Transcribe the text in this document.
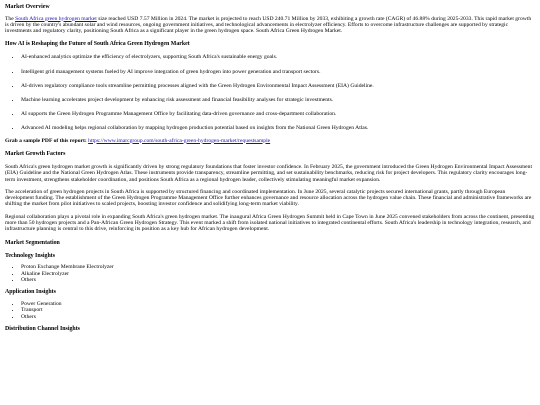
Market Overview

The South Africa green hydrogen market size reached USD 7.57 Million in 2024. The market is projected to reach USD 240.71 Million by 2033, exhibiting a growth rate (CAGR) of 46.88% during 2025-2033. This rapid market growth is driven by the country's abundant solar and wind resources, ongoing government initiatives, and technological advancements in electrolyzer efficiency. Efforts to overcome infrastructure challenges are supported by strategic investments and regulatory clarity, positioning South Africa as a significant player in the green hydrogen space. South Africa Green Hydrogen Market.

How AI is Reshaping the Future of South Africa Green Hydrogen Market
• AI-enhanced analytics optimize the efficiency of electrolyzers, supporting South Africa's sustainable energy goals.
• Intelligent grid management systems fueled by AI improve integration of green hydrogen into power generation and transport sectors.
• AI-driven regulatory compliance tools streamline permitting processes aligned with the Green Hydrogen Environmental Impact Assessment (EIA) Guideline.
• Machine learning accelerates project development by enhancing risk assessment and financial feasibility analyses for strategic investments.
• AI supports the Green Hydrogen Programme Management Office by facilitating data-driven governance and cross-department collaboration.
• Advanced AI modeling helps regional collaboration by mapping hydrogen production potential based on insights from the National Green Hydrogen Atlas.

Grab a sample PDF of this report: https://www.imarcgroup.com/south-africa-green-hydrogen-market/requestsample

Market Growth Factors

South Africa's green hydrogen market growth is significantly driven by strong regulatory foundations that foster investor confidence. In February 2025, the government introduced the Green Hydrogen Environmental Impact Assessment (EIA) Guideline and the National Green Hydrogen Atlas. These instruments provide transparency, streamline permitting, and set sustainability benchmarks, reducing risk for project developers. This regulatory clarity encourages long-term investment, strengthens stakeholder coordination, and positions South Africa as a regional hydrogen leader, collectively stimulating meaningful market expansion.

The acceleration of green hydrogen projects in South Africa is supported by structured financing and coordinated implementation. In June 2025, several catalytic projects secured international grants, partly through European development funding. The establishment of the Green Hydrogen Programme Management Office further enhances governance and resource allocation across the hydrogen value chain. These financial and administrative frameworks are shifting the market from pilot initiatives to scaled projects, boosting investor confidence and solidifying long-term market viability.

Regional collaboration plays a pivotal role in expanding South Africa's green hydrogen market. The inaugural Africa Green Hydrogen Summit held in Cape Town in June 2025 convened stakeholders from across the continent, presenting more than 50 hydrogen projects and a Pan-African Green Hydrogen Strategy. This event marked a shift from isolated national initiatives to integrated continental efforts. South Africa's leadership in technology integration, research, and infrastructure planning is central to this drive, reinforcing its position as a key hub for African hydrogen development.

Market Segmentation
Technology Insights
• Proton Exchange Membrane Electrolyzer
• Alkaline Electrolyzer
• Others
Application Insights
• Power Generation
• Transport
• Others
Distribution Channel Insights
